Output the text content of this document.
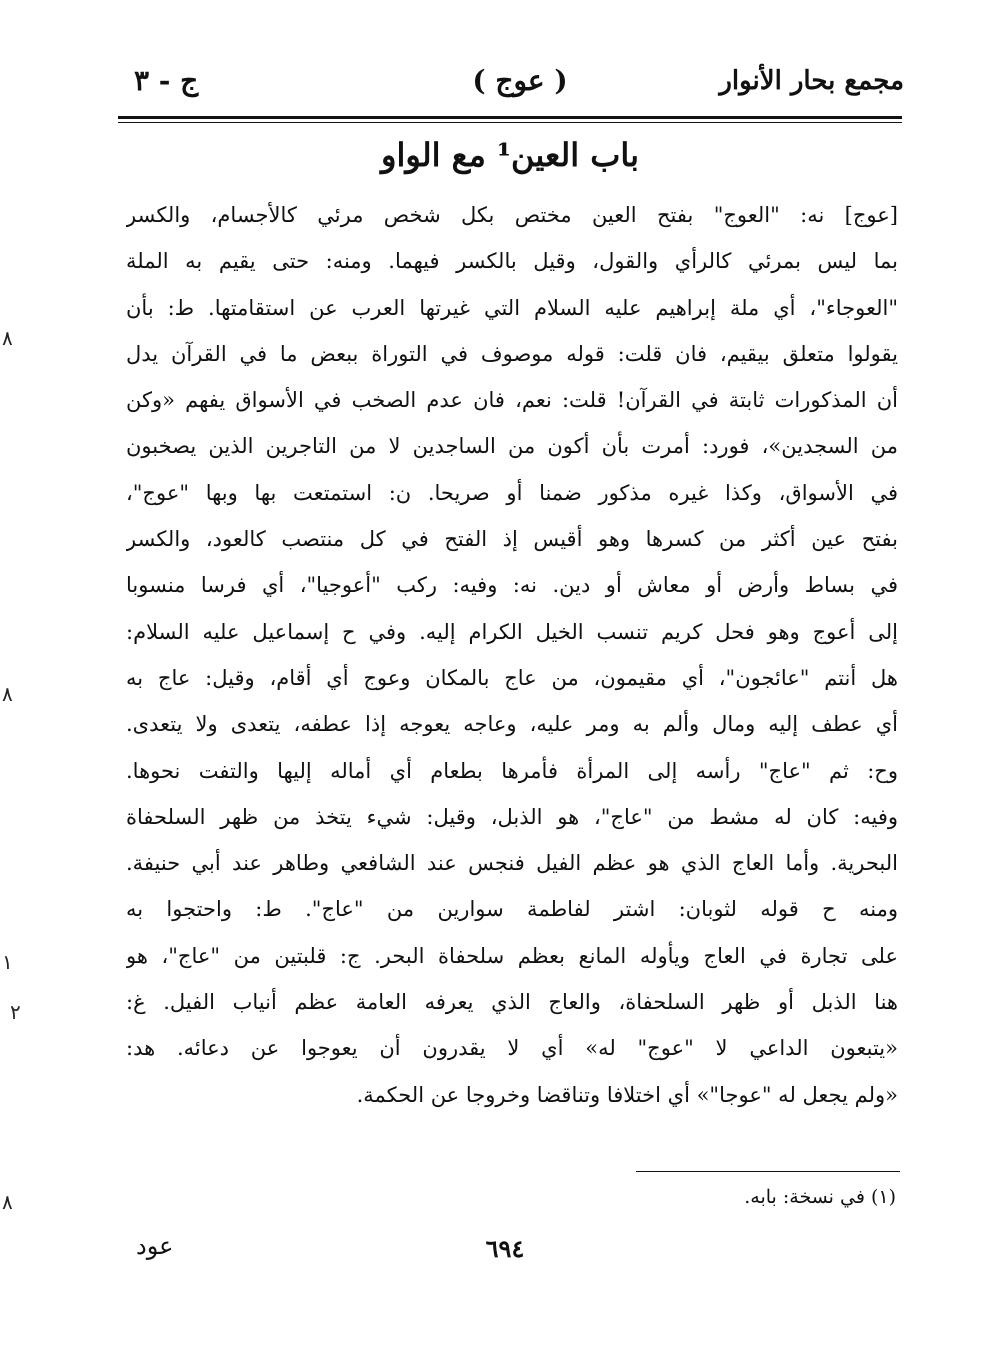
مجمع بحار الأنوار
( عوج )
ج - ٣
باب العين¹ مع الواو
[عوج] نه: "العوج" بفتح العين مختص بكل شخص مرئي كالأجسام، والكسر
بما ليس بمرئي كالرأي والقول، وقيل بالكسر فيهما. ومنه: حتى يقيم به الملة
"العوجاء"، أي ملة إبراهيم عليه السلام التي غيرتها العرب عن استقامتها. ط: بأن
يقولوا متعلق بيقيم، فان قلت: قوله موصوف في التوراة ببعض ما في القرآن يدل
أن المذكورات ثابتة في القرآن! قلت: نعم، فان عدم الصخب في الأسواق يفهم «وكن
من السجدين»، فورد: أمرت بأن أكون من الساجدين لا من التاجرين الذين يصخبون
في الأسواق، وكذا غيره مذكور ضمنا أو صريحا. ن: استمتعت بها وبها "عوج"،
بفتح عين أكثر من كسرها وهو أقيس إذ الفتح في كل منتصب كالعود، والكسر
في بساط وأرض أو معاش أو دين. نه: وفيه: ركب "أعوجيا"، أي فرسا منسوبا
إلى أعوج وهو فحل كريم تنسب الخيل الكرام إليه. وفي ح إسماعيل عليه السلام:
هل أنتم "عائجون"، أي مقيمون، من عاج بالمكان وعوج أي أقام، وقيل: عاج به
أي عطف إليه ومال وألم به ومر عليه، وعاجه يعوجه إذا عطفه، يتعدى ولا يتعدى.
وح: ثم "عاج" رأسه إلى المرأة فأمرها بطعام أي أماله إليها والتفت نحوها.
وفيه: كان له مشط من "عاج"، هو الذبل، وقيل: شيء يتخذ من ظهر السلحفاة
البحرية. وأما العاج الذي هو عظم الفيل فنجس عند الشافعي وطاهر عند أبي حنيفة.
ومنه ح قوله لثوبان: اشتر لفاطمة سوارين من "عاج". ط: واحتجوا به
على تجارة في العاج ويأوله المانع بعظم سلحفاة البحر. ج: قلبتين من "عاج"، هو
هنا الذبل أو ظهر السلحفاة، والعاج الذي يعرفه العامة عظم أنياب الفيل. غ:
«يتبعون الداعي لا "عوج" له» أي لا يقدرون أن يعوجوا عن دعائه. هد:
«ولم يجعل له "عوجا"» أي اختلافا وتناقضا وخروجا عن الحكمة.
(١) في نسخة: بابه.
٦٩٤
عود
٨
٨
١
٢
٨
